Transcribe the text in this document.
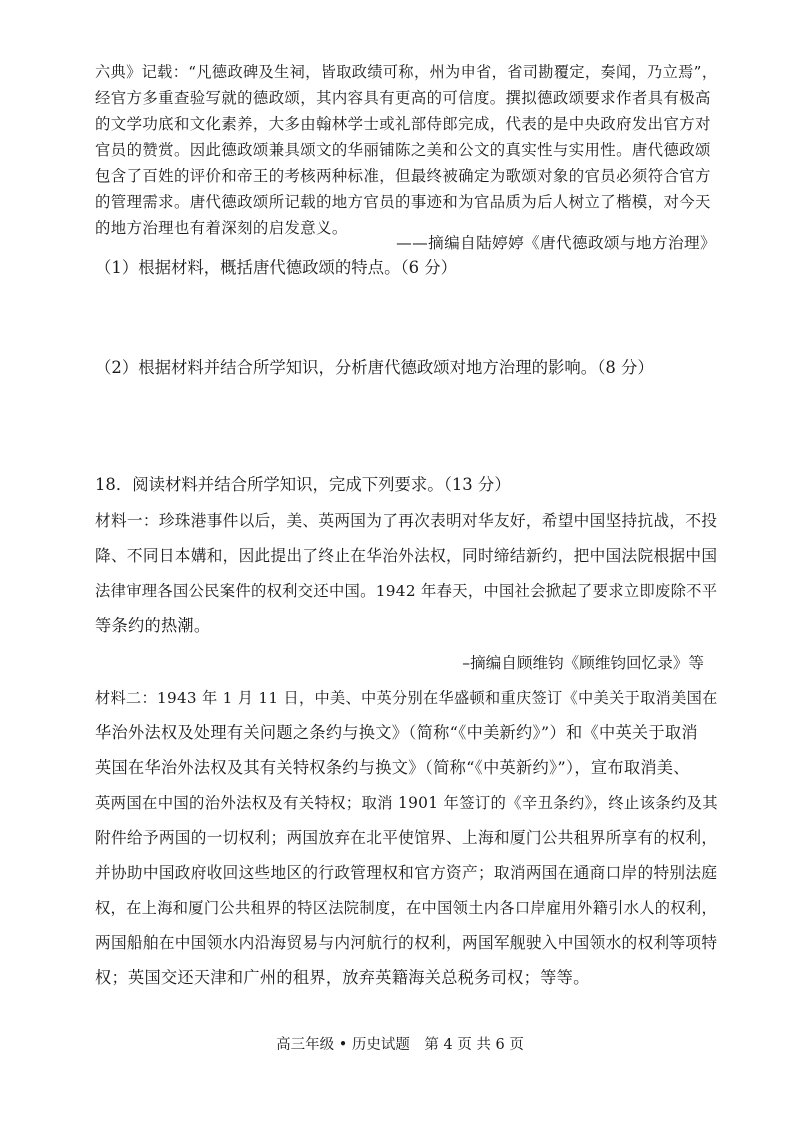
六典》记载：“凡德政碑及生祠，皆取政绩可称，州为申省，省司勘覆定，奏闻，乃立焉”，
经官方多重查验写就的德政颂，其内容具有更高的可信度。撰拟德政颂要求作者具有极高
的文学功底和文化素养，大多由翰林学士或礼部侍郎完成，代表的是中央政府发出官方对
官员的赞赏。因此德政颂兼具颂文的华丽铺陈之美和公文的真实性与实用性。唐代德政颂
包含了百姓的评价和帝王的考核两种标准，但最终被确定为歌颂对象的官员必须符合官方
的管理需求。唐代德政颂所记载的地方官员的事迹和为官品质为后人树立了楷模，对今天
的地方治理也有着深刻的启发意义。
——摘编自陆婷婷《唐代德政颂与地方治理》
（1）根据材料，概括唐代德政颂的特点。（6 分）
（2）根据材料并结合所学知识，分析唐代德政颂对地方治理的影响。（8 分）
18．阅读材料并结合所学知识，完成下列要求。（13 分）
材料一：珍珠港事件以后，美、英两国为了再次表明对华友好，希望中国坚持抗战，不投
降、不同日本媾和，因此提出了终止在华治外法权，同时缔结新约，把中国法院根据中国
法律审理各国公民案件的权利交还中国。1942 年春天，中国社会掀起了要求立即废除不平
等条约的热潮。
–摘编自顾维钧《顾维钧回忆录》等
材料二：1943 年 1 月 11 日，中美、中英分别在华盛顿和重庆签订《中美关于取消美国在
华治外法权及处理有关问题之条约与换文》（简称“《中美新约》”）和《中英关于取消
英国在华治外法权及其有关特权条约与换文》（简称“《中英新约》”），宣布取消美、
英两国在中国的治外法权及有关特权；取消 1901 年签订的《辛丑条约》，终止该条约及其
附件给予两国的一切权利；两国放弃在北平使馆界、上海和厦门公共租界所享有的权利，
并协助中国政府收回这些地区的行政管理权和官方资产；取消两国在通商口岸的特别法庭
权，在上海和厦门公共租界的特区法院制度，在中国领土内各口岸雇用外籍引水人的权利，
两国船舶在中国领水内沿海贸易与内河航行的权利，两国军舰驶入中国领水的权利等项特
权；英国交还天津和广州的租界，放弃英籍海关总税务司权；等等。
高三年级 • 历史试题　第 4 页 共 6 页
